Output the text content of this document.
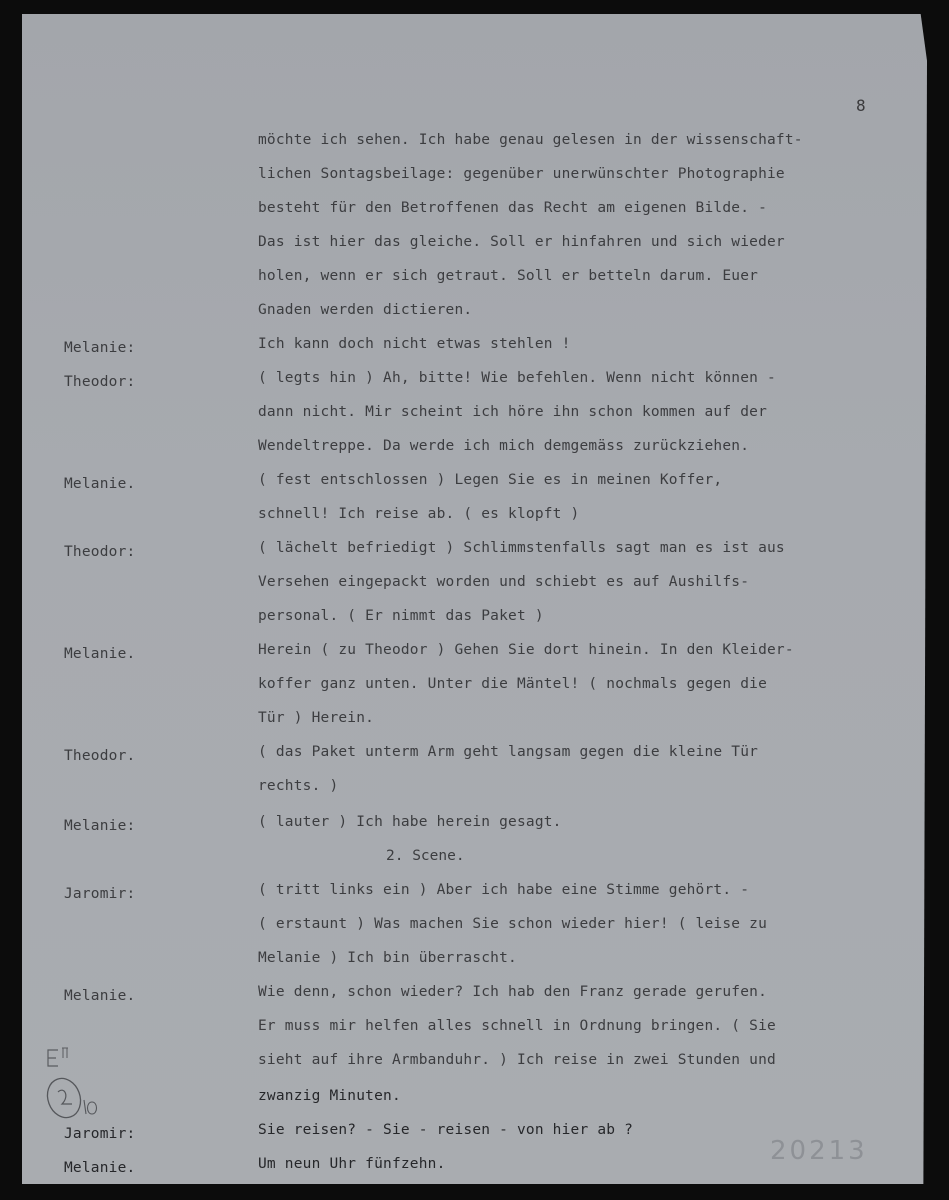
8
möchte ich sehen. Ich habe genau gelesen in der wissenschaft-
lichen Sontagsbeilage: gegenüber unerwünschter Photographie
besteht für den Betroffenen das Recht am eigenen Bilde. -
Das ist hier das gleiche. Soll er hinfahren und sich wieder
holen, wenn er sich getraut. Soll er betteln darum. Euer
Gnaden werden dictieren.
Ich kann doch nicht etwas stehlen !
( legts hin ) Ah, bitte! Wie befehlen. Wenn nicht können -
dann nicht. Mir scheint ich höre ihn schon kommen auf der
Wendeltreppe. Da werde ich mich demgemäss zurückziehen.
( fest entschlossen ) Legen Sie es in meinen Koffer,
schnell! Ich reise ab. ( es klopft )
( lächelt befriedigt ) Schlimmstenfalls sagt man es ist aus
Versehen eingepackt worden und schiebt es auf Aushilfs-
personal. ( Er nimmt das Paket )
Herein ( zu Theodor ) Gehen Sie dort hinein. In den Kleider-
koffer ganz unten. Unter die Mäntel! ( nochmals gegen die
Tür ) Herein.
( das Paket unterm Arm geht langsam gegen die kleine Tür
rechts. )
( lauter ) Ich habe herein gesagt.
2. Scene.
( tritt links ein ) Aber ich habe eine Stimme gehört. -
( erstaunt ) Was machen Sie schon wieder hier! ( leise zu
Melanie ) Ich bin überrascht.
Wie denn, schon wieder? Ich hab den Franz gerade gerufen.
Er muss mir helfen alles schnell in Ordnung bringen. ( Sie
sieht auf ihre Armbanduhr. ) Ich reise in zwei Stunden und
zwanzig Minuten.
Sie reisen? - Sie - reisen - von hier ab ?
Um neun Uhr fünfzehn.
Melanie:
Theodor:
Melanie.
Theodor:
Melanie.
Theodor.
Melanie:
Jaromir:
Melanie.
Jaromir:
Melanie.
20213
